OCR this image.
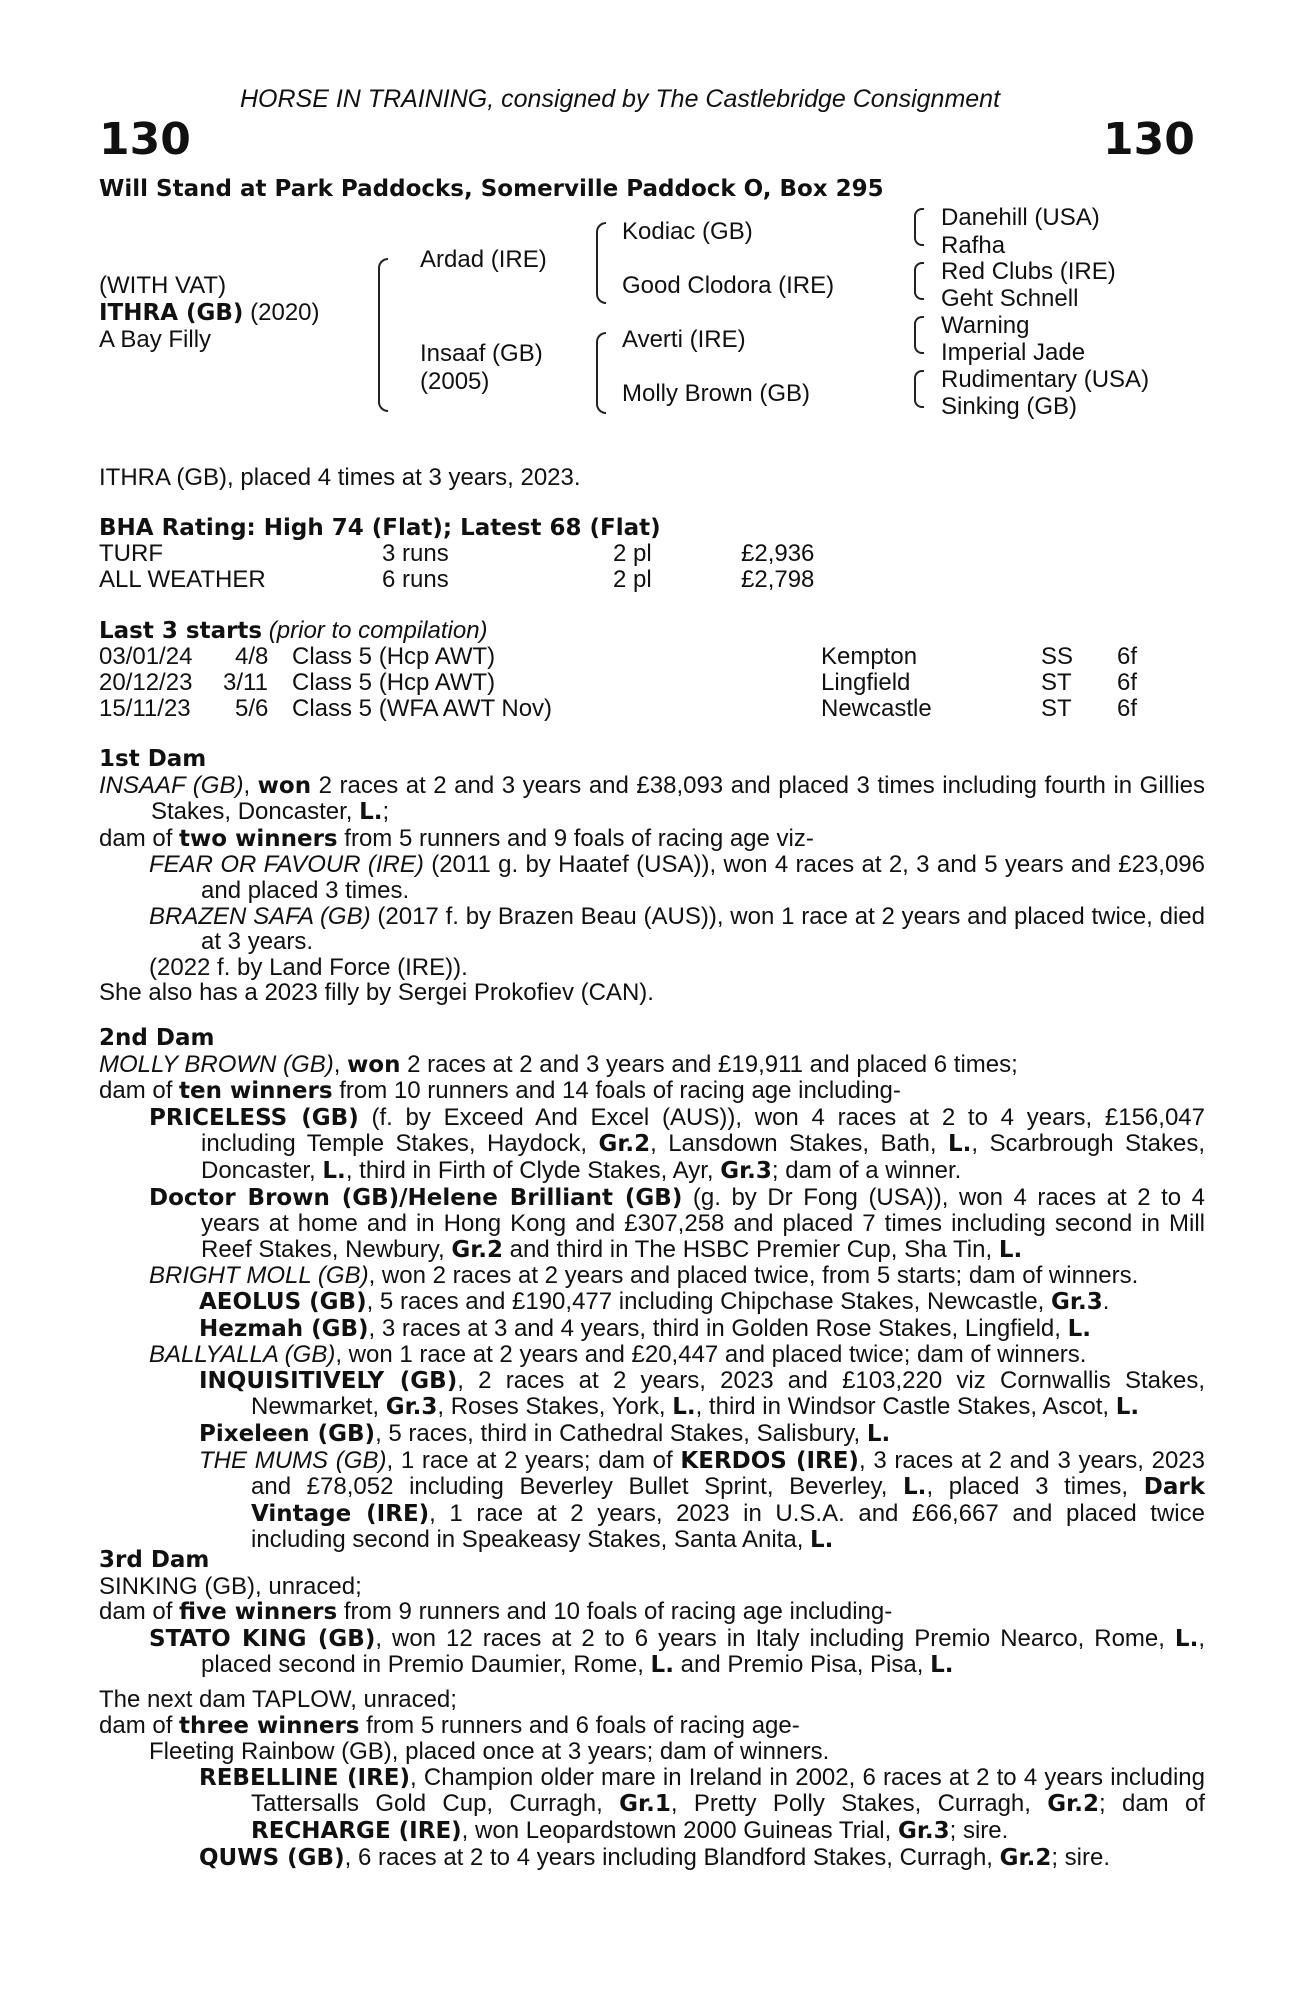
HORSE IN TRAINING, consigned by The Castlebridge Consignment
130	130
Will Stand at Park Paddocks, Somerville Paddock O, Box 295
(WITH VAT)
ITHRA (GB) (2020)
A Bay Filly
Ardad (IRE)
Insaaf (GB)
(2005)
Kodiac (GB)
Good Clodora (IRE)
Averti (IRE)
Molly Brown (GB)
Danehill (USA)
Rafha
Red Clubs (IRE)
Geht Schnell
Warning
Imperial Jade
Rudimentary (USA)
Sinking (GB)
ITHRA (GB), placed 4 times at 3 years, 2023.
BHA Rating: High 74 (Flat); Latest 68 (Flat)
TURF	3 runs	2 pl	£2,936
ALL WEATHER	6 runs	2 pl	£2,798
Last 3 starts (prior to compilation)
03/01/24 4/8 Class 5 (Hcp AWT)	Kempton	SS 6f
20/12/23 3/11 Class 5 (Hcp AWT)	Lingfield	ST 6f
15/11/23 5/6 Class 5 (WFA AWT Nov)	Newcastle	ST 6f

1st Dam

INSAAF (GB), won 2 races at 2 and 3 years and £38,093 and placed 3 times including fourth in Gillies Stakes, Doncaster, L.;

dam of two winners from 5 runners and 9 foals of racing age viz-

FEAR OR FAVOUR (IRE) (2011 g. by Haatef (USA)), won 4 races at 2, 3 and 5 years and £23,096 and placed 3 times.

BRAZEN SAFA (GB) (2017 f. by Brazen Beau (AUS)), won 1 race at 2 years and placed twice, died at 3 years.

(2022 f. by Land Force (IRE)).

She also has a 2023 filly by Sergei Prokofiev (CAN).

2nd Dam

MOLLY BROWN (GB), won 2 races at 2 and 3 years and £19,911 and placed 6 times;

dam of ten winners from 10 runners and 14 foals of racing age including-

PRICELESS (GB) (f. by Exceed And Excel (AUS)), won 4 races at 2 to 4 years, £156,047 including Temple Stakes, Haydock, Gr.2, Lansdown Stakes, Bath, L., Scarbrough Stakes, Doncaster, L., third in Firth of Clyde Stakes, Ayr, Gr.3; dam of a winner.

Doctor Brown (GB)/Helene Brilliant (GB) (g. by Dr Fong (USA)), won 4 races at 2 to 4 years at home and in Hong Kong and £307,258 and placed 7 times including second in Mill Reef Stakes, Newbury, Gr.2 and third in The HSBC Premier Cup, Sha Tin, L.

BRIGHT MOLL (GB), won 2 races at 2 years and placed twice, from 5 starts; dam of winners.

AEOLUS (GB), 5 races and £190,477 including Chipchase Stakes, Newcastle, Gr.3.

Hezmah (GB), 3 races at 3 and 4 years, third in Golden Rose Stakes, Lingfield, L.

BALLYALLA (GB), won 1 race at 2 years and £20,447 and placed twice; dam of winners.

INQUISITIVELY (GB), 2 races at 2 years, 2023 and £103,220 viz Cornwallis Stakes, Newmarket, Gr.3, Roses Stakes, York, L., third in Windsor Castle Stakes, Ascot, L.

Pixeleen (GB), 5 races, third in Cathedral Stakes, Salisbury, L.

THE MUMS (GB), 1 race at 2 years; dam of KERDOS (IRE), 3 races at 2 and 3 years, 2023 and £78,052 including Beverley Bullet Sprint, Beverley, L., placed 3 times, Dark Vintage (IRE), 1 race at 2 years, 2023 in U.S.A. and £66,667 and placed twice including second in Speakeasy Stakes, Santa Anita, L.

3rd Dam

SINKING (GB), unraced;

dam of five winners from 9 runners and 10 foals of racing age including-

STATO KING (GB), won 12 races at 2 to 6 years in Italy including Premio Nearco, Rome, L., placed second in Premio Daumier, Rome, L. and Premio Pisa, Pisa, L.

The next dam TAPLOW, unraced;

dam of three winners from 5 runners and 6 foals of racing age-

Fleeting Rainbow (GB), placed once at 3 years; dam of winners.

REBELLINE (IRE), Champion older mare in Ireland in 2002, 6 races at 2 to 4 years including Tattersalls Gold Cup, Curragh, Gr.1, Pretty Polly Stakes, Curragh, Gr.2; dam of RECHARGE (IRE), won Leopardstown 2000 Guineas Trial, Gr.3; sire.

QUWS (GB), 6 races at 2 to 4 years including Blandford Stakes, Curragh, Gr.2; sire.
